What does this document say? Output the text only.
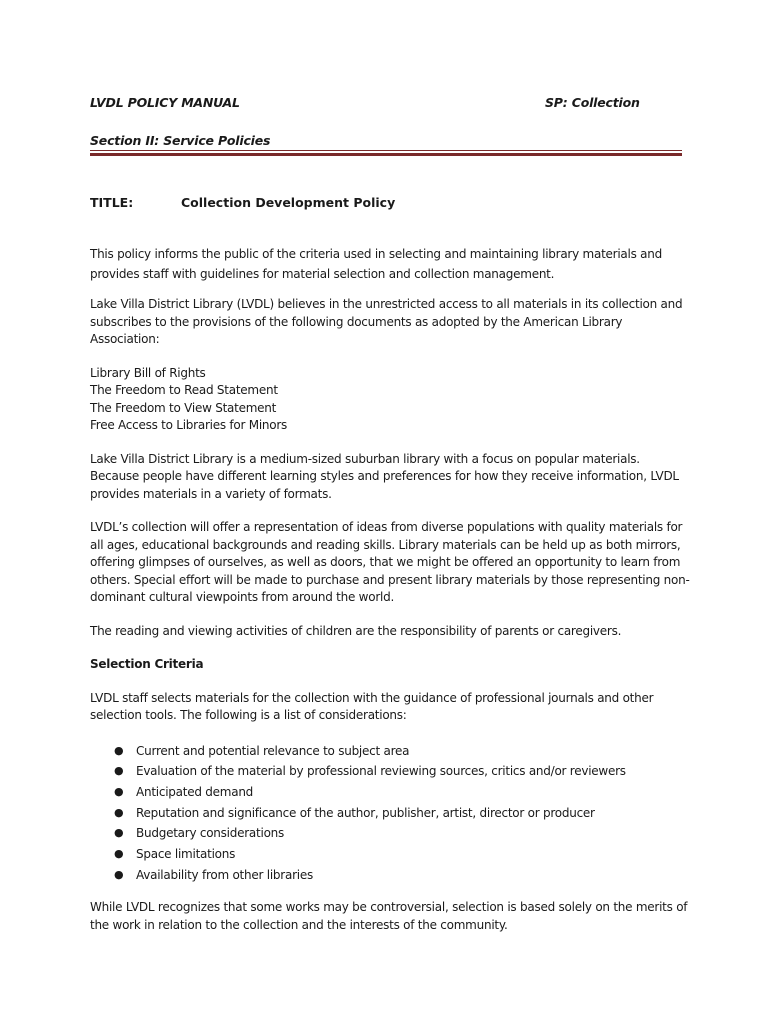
LVDL POLICY MANUAL	SP: Collection
Section II: Service Policies
TITLE:	Collection Development Policy

This policy informs the public of the criteria used in selecting and maintaining library materials and provides staff with guidelines for material selection and collection management.

Lake Villa District Library (LVDL) believes in the unrestricted access to all materials in its collection and subscribes to the provisions of the following documents as adopted by the American Library Association:

Library Bill of Rights
The Freedom to Read Statement
The Freedom to View Statement
Free Access to Libraries for Minors

Lake Villa District Library is a medium-sized suburban library with a focus on popular materials. Because people have different learning styles and preferences for how they receive information, LVDL provides materials in a variety of formats.

LVDL’s collection will offer a representation of ideas from diverse populations with quality materials for all ages, educational backgrounds and reading skills. Library materials can be held up as both mirrors, offering glimpses of ourselves, as well as doors, that we might be offered an opportunity to learn from others. Special effort will be made to purchase and present library materials by those representing non-dominant cultural viewpoints from around the world.

The reading and viewing activities of children are the responsibility of parents or caregivers.

Selection Criteria

LVDL staff selects materials for the collection with the guidance of professional journals and other selection tools. The following is a list of considerations:

● Current and potential relevance to subject area
● Evaluation of the material by professional reviewing sources, critics and/or reviewers
● Anticipated demand
● Reputation and significance of the author, publisher, artist, director or producer
● Budgetary considerations
● Space limitations
● Availability from other libraries

While LVDL recognizes that some works may be controversial, selection is based solely on the merits of the work in relation to the collection and the interests of the community.
